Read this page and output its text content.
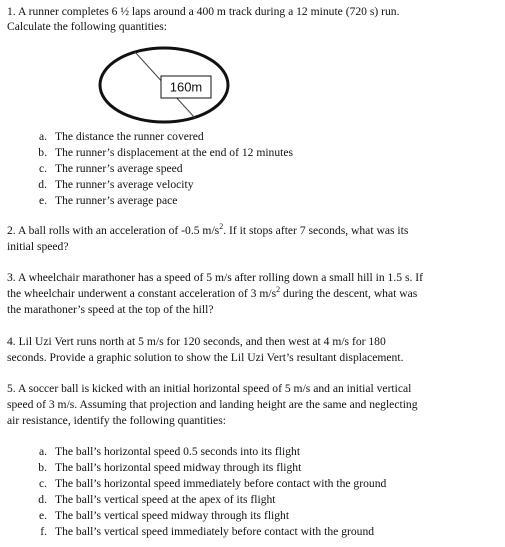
1. A runner completes 6 ½ laps around a 400 m track during a 12 minute (720 s) run.
Calculate the following quantities:
160m
a. The distance the runner covered
b. The runner’s displacement at the end of 12 minutes
c. The runner’s average speed
d. The runner’s average velocity
e. The runner’s average pace
2. A ball rolls with an acceleration of -0.5 $m/s^2$. If it stops after 7 seconds, what was its
initial speed?
3. A wheelchair marathoner has a speed of 5 m/s after rolling down a small hill in 1.5 s. If
the wheelchair underwent a constant acceleration of 3 $m/s^2$ during the descent, what was
the marathoner’s speed at the top of the hill?
4. Lil Uzi Vert runs north at 5 m/s for 120 seconds, and then west at 4 m/s for 180
seconds. Provide a graphic solution to show the Lil Uzi Vert’s resultant displacement.
5. A soccer ball is kicked with an initial horizontal speed of 5 m/s and an initial vertical
speed of 3 m/s. Assuming that projection and landing height are the same and neglecting
air resistance, identify the following quantities:
a. The ball’s horizontal speed 0.5 seconds into its flight
b. The ball’s horizontal speed midway through its flight
c. The ball’s horizontal speed immediately before contact with the ground
d. The ball’s vertical speed at the apex of its flight
e. The ball’s vertical speed midway through its flight
f. The ball’s vertical speed immediately before contact with the ground
